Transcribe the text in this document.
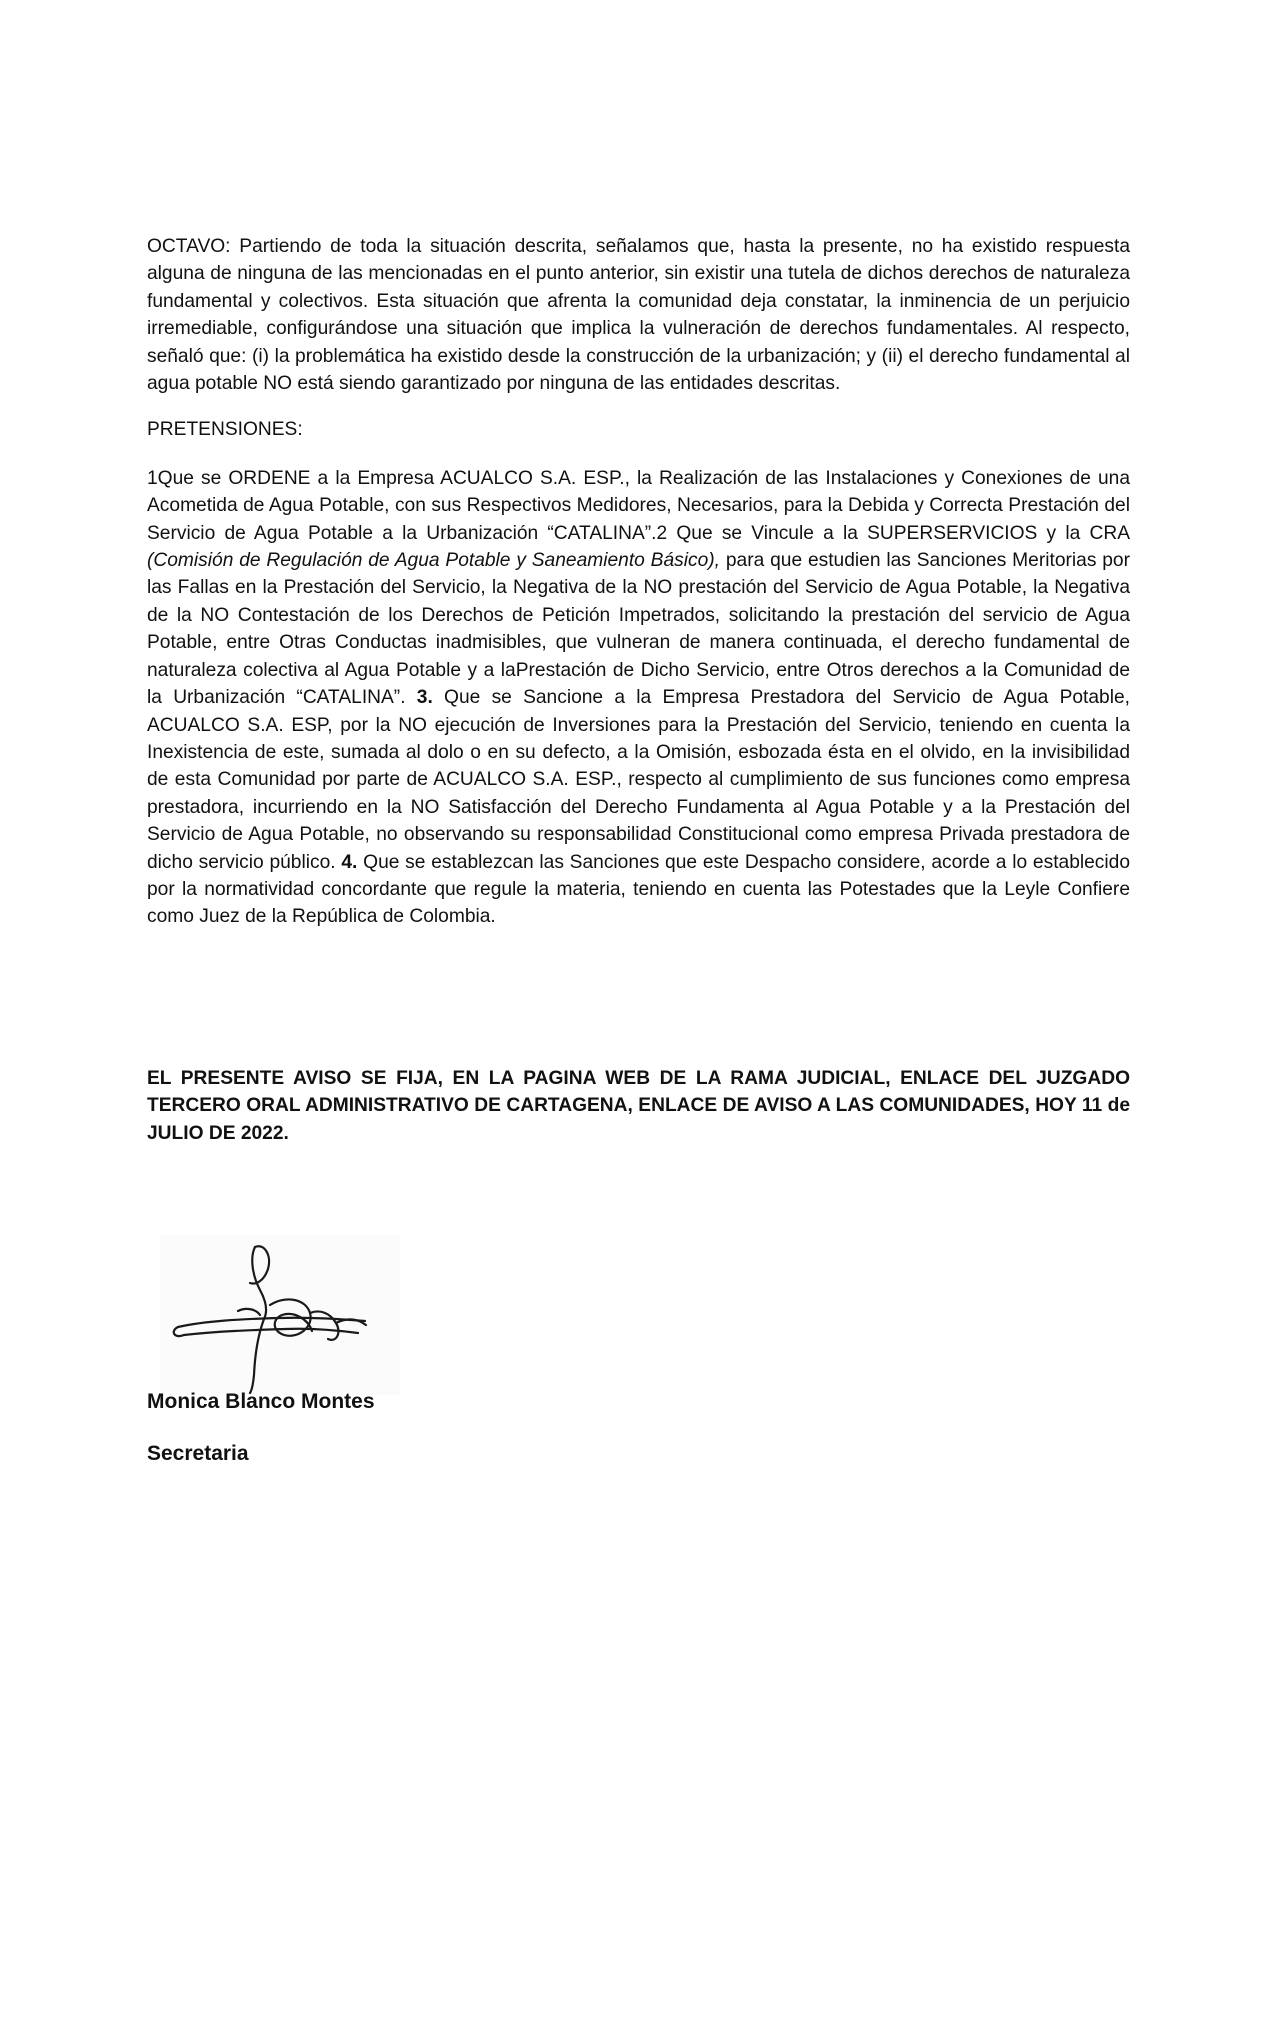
OCTAVO: Partiendo de toda la situación descrita, señalamos que, hasta la presente, no ha existido respuesta alguna de ninguna de las mencionadas en el punto anterior, sin existir una tutela de dichos derechos de naturaleza fundamental y colectivos. Esta situación que afrenta la comunidad deja constatar, la inminencia de un perjuicio irremediable, configurándose una situación que implica la vulneración de derechos fundamentales. Al respecto, señaló que: (i) la problemática ha existido desde la construcción de la urbanización; y (ii) el derecho fundamental al agua potable NO está siendo garantizado por ninguna de las entidades descritas.

PRETENSIONES:

1Que se ORDENE a la Empresa ACUALCO S.A. ESP., la Realización de las Instalaciones y Conexiones de una Acometida de Agua Potable, con sus Respectivos Medidores, Necesarios, para la Debida y Correcta Prestación del Servicio de Agua Potable a la Urbanización “CATALINA”.2 Que se Vincule a la SUPERSERVICIOS y la CRA (Comisión de Regulación de Agua Potable y Saneamiento Básico), para que estudien las Sanciones Meritorias por las Fallas en la Prestación del Servicio, la Negativa de la NO prestación del Servicio de Agua Potable, la Negativa de la NO Contestación de los Derechos de Petición Impetrados, solicitando la prestación del servicio de Agua Potable, entre Otras Conductas inadmisibles, que vulneran de manera continuada, el derecho fundamental de naturaleza colectiva al Agua Potable y a laPrestación de Dicho Servicio, entre Otros derechos a la Comunidad de la Urbanización “CATALINA”. 3. Que se Sancione a la Empresa Prestadora del Servicio de Agua Potable, ACUALCO S.A. ESP, por la NO ejecución de Inversiones para la Prestación del Servicio, teniendo en cuenta la Inexistencia de este, sumada al dolo o en su defecto, a la Omisión, esbozada ésta en el olvido, en la invisibilidad de esta Comunidad por parte de ACUALCO S.A. ESP., respecto al cumplimiento de sus funciones como empresa prestadora, incurriendo en la NO Satisfacción del Derecho Fundamenta al Agua Potable y a la Prestación del Servicio de Agua Potable, no observando su responsabilidad Constitucional como empresa Privada prestadora de dicho servicio público. 4. Que se establezcan las Sanciones que este Despacho considere, acorde a lo establecido por la normatividad concordante que regule la materia, teniendo en cuenta las Potestades que la Leyle Confiere como Juez de la República de Colombia.

EL PRESENTE AVISO SE FIJA, EN LA PAGINA WEB DE LA RAMA JUDICIAL, ENLACE DEL JUZGADO TERCERO ORAL ADMINISTRATIVO DE CARTAGENA, ENLACE DE AVISO A LAS COMUNIDADES, HOY 11 de JULIO DE 2022.
Monica Blanco Montes
Secretaria
